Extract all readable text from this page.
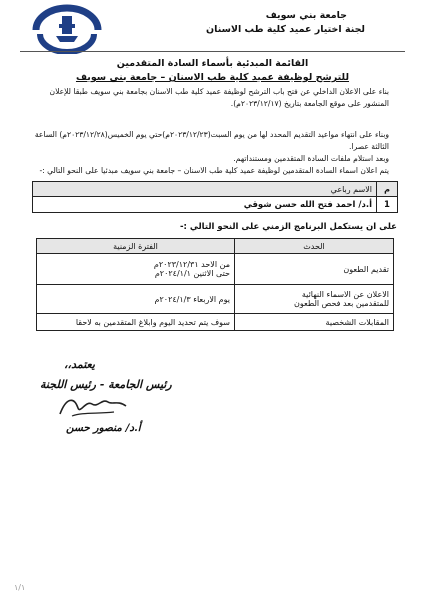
جامعة بني سويف
لجنة اختيار عميد كلية طب الاسنان
القائمة المبدئية بأسماء السادة المتقدمين
للترشح لوظيفة عميد كلية طب الاسنان – جامعة بني سويف
بناء على الاعلان الداخلي عن فتح باب الترشح لوظيفة عميد كلية طب الاسنان بجامعة بني سويف طبقا للإعلان المنشور على موقع الجامعة بتاريخ (٢٠٢٣/١٢/١٧م).
وبناء على انتهاء مواعيد التقديم المحدد لها من يوم السبت(٢٠٢٣/١٢/٢٣م)حتي يوم الخميس(٢٠٢٣/١٢/٢٨م) الساعة الثالثة عصرا.
وبعد استلام ملفات السادة المتقدمين ومستنداتهم.
يتم اعلان اسماء السادة المتقدمين لوظيفة عميد كلية طب الاسنان – جامعة بني سويف مبدئيا على النحو التالي :-
م	الاسم رباعي
1	أ.د/ احمد فتح الله حسن شوقي
على ان يستكمل البرنامج الزمني على النحو التالي :-
الحدث	الفترة الزمنية
تقديم الطعون	من الاحد ٢٠٢٣/١٢/٣١م
حتى الاثنين ٢٠٢٤/١/١م

الاعلان عن الاسماء النهائية
للمتقدمين بعد فحص الطعون	يوم الاربعاء ٢٠٢٤/١/٣م
المقابلات الشخصية	سوف يتم تحديد اليوم وابلاغ المتقدمين به لاحقا
يعتمد،،
رئيس الجامعة - رئيس اللجنة
أ.د/ منصور حسن
١/١
